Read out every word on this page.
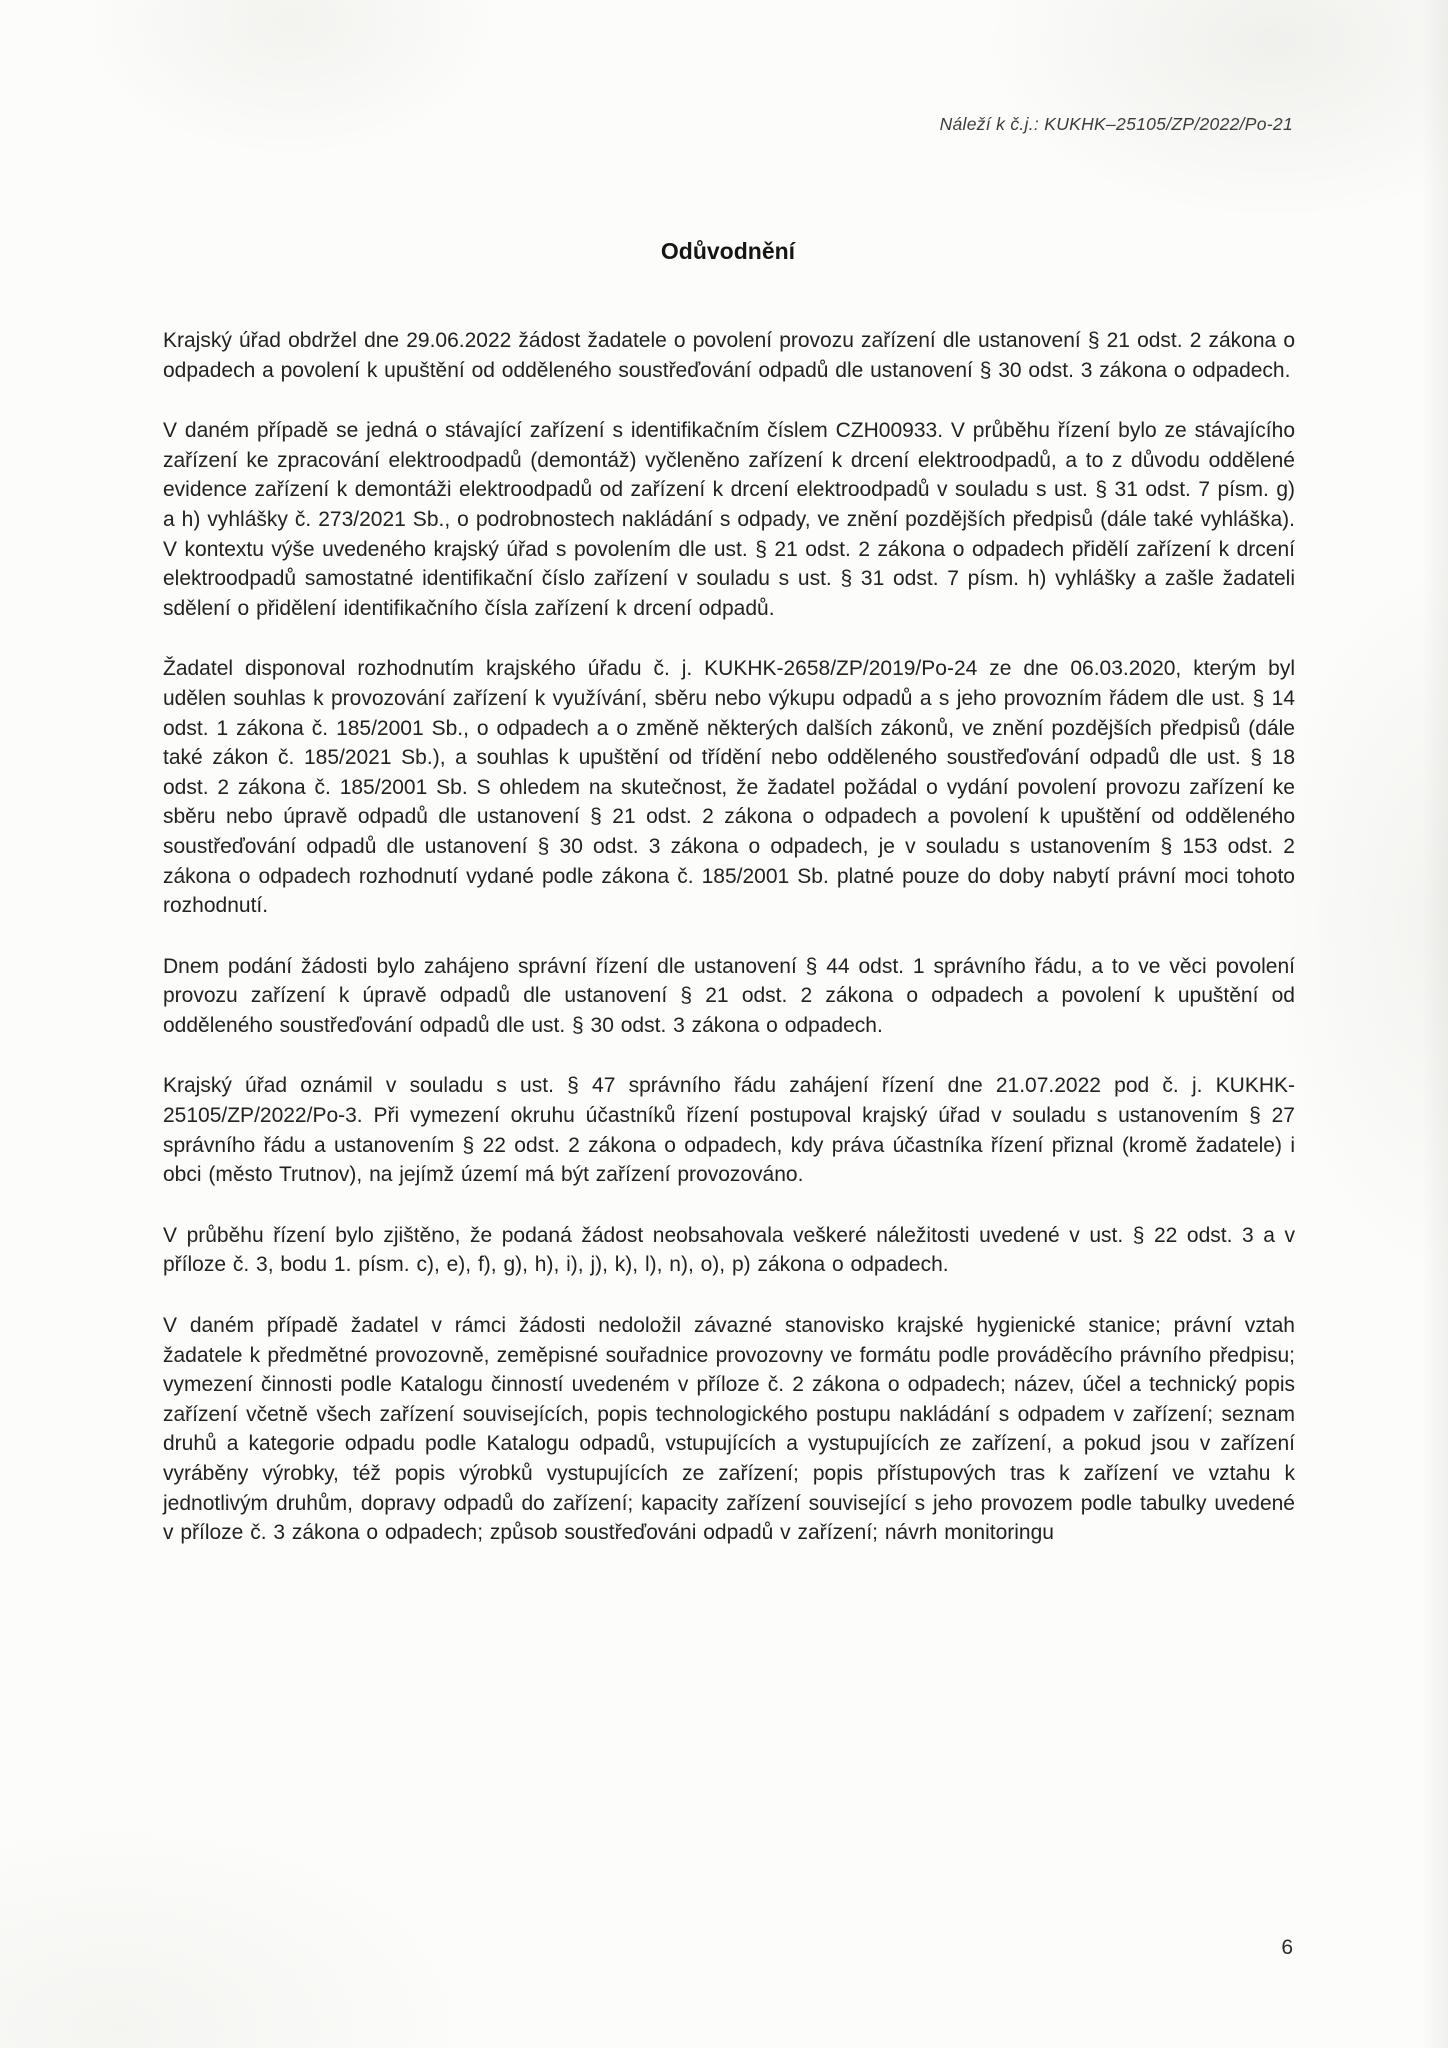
Náleží k č.j.: KUKHK–25105/ZP/2022/Po-21
Odůvodnění

Krajský úřad obdržel dne 29.06.2022 žádost žadatele o povolení provozu zařízení dle ustanovení § 21 odst. 2 zákona o odpadech a povolení k upuštění od odděleného soustřeďování odpadů dle ustanovení § 30 odst. 3 zákona o odpadech.

V daném případě se jedná o stávající zařízení s identifikačním číslem CZH00933. V průběhu řízení bylo ze stávajícího zařízení ke zpracování elektroodpadů (demontáž) vyčleněno zařízení k drcení elektroodpadů, a to z důvodu oddělené evidence zařízení k demontáži elektroodpadů od zařízení k drcení elektroodpadů v souladu s ust. § 31 odst. 7 písm. g) a h) vyhlášky č. 273/2021 Sb., o podrobnostech nakládání s odpady, ve znění pozdějších předpisů (dále také vyhláška). V kontextu výše uvedeného krajský úřad s povolením dle ust. § 21 odst. 2 zákona o odpadech přidělí zařízení k drcení elektroodpadů samostatné identifikační číslo zařízení v souladu s ust. § 31 odst. 7 písm. h) vyhlášky a zašle žadateli sdělení o přidělení identifikačního čísla zařízení k drcení odpadů.

Žadatel disponoval rozhodnutím krajského úřadu č. j. KUKHK-2658/ZP/2019/Po-24 ze dne 06.03.2020, kterým byl udělen souhlas k provozování zařízení k využívání, sběru nebo výkupu odpadů a s jeho provozním řádem dle ust. § 14 odst. 1 zákona č. 185/2001 Sb., o odpadech a o změně některých dalších zákonů, ve znění pozdějších předpisů (dále také zákon č. 185/2021 Sb.), a souhlas k upuštění od třídění nebo odděleného soustřeďování odpadů dle ust. § 18 odst. 2 zákona č. 185/2001 Sb. S ohledem na skutečnost, že žadatel požádal o vydání povolení provozu zařízení ke sběru nebo úpravě odpadů dle ustanovení § 21 odst. 2 zákona o odpadech a povolení k upuštění od odděleného soustřeďování odpadů dle ustanovení § 30 odst. 3 zákona o odpadech, je v souladu s ustanovením § 153 odst. 2 zákona o odpadech rozhodnutí vydané podle zákona č. 185/2001 Sb. platné pouze do doby nabytí právní moci tohoto rozhodnutí.

Dnem podání žádosti bylo zahájeno správní řízení dle ustanovení § 44 odst. 1 správního řádu, a to ve věci povolení provozu zařízení k úpravě odpadů dle ustanovení § 21 odst. 2 zákona o odpadech a povolení k upuštění od odděleného soustřeďování odpadů dle ust. § 30 odst. 3 zákona o odpadech.

Krajský úřad oznámil v souladu s ust. § 47 správního řádu zahájení řízení dne 21.07.2022 pod č. j. KUKHK-25105/ZP/2022/Po-3. Při vymezení okruhu účastníků řízení postupoval krajský úřad v souladu s ustanovením § 27 správního řádu a ustanovením § 22 odst. 2 zákona o odpadech, kdy práva účastníka řízení přiznal (kromě žadatele) i obci (město Trutnov), na jejímž území má být zařízení provozováno.

V průběhu řízení bylo zjištěno, že podaná žádost neobsahovala veškeré náležitosti uvedené v ust. § 22 odst. 3 a v příloze č. 3, bodu 1. písm. c), e), f), g), h), i), j), k), l), n), o), p) zákona o odpadech.

V daném případě žadatel v rámci žádosti nedoložil závazné stanovisko krajské hygienické stanice; právní vztah žadatele k předmětné provozovně, zeměpisné souřadnice provozovny ve formátu podle prováděcího právního předpisu; vymezení činnosti podle Katalogu činností uvedeném v příloze č. 2 zákona o odpadech; název, účel a technický popis zařízení včetně všech zařízení souvisejících, popis technologického postupu nakládání s odpadem v zařízení; seznam druhů a kategorie odpadu podle Katalogu odpadů, vstupujících a vystupujících ze zařízení, a pokud jsou v zařízení vyráběny výrobky, též popis výrobků vystupujících ze zařízení; popis přístupových tras k zařízení ve vztahu k jednotlivým druhům, dopravy odpadů do zařízení; kapacity zařízení související s jeho provozem podle tabulky uvedené v příloze č. 3 zákona o odpadech; způsob soustřeďováni odpadů v zařízení; návrh monitoringu

6
